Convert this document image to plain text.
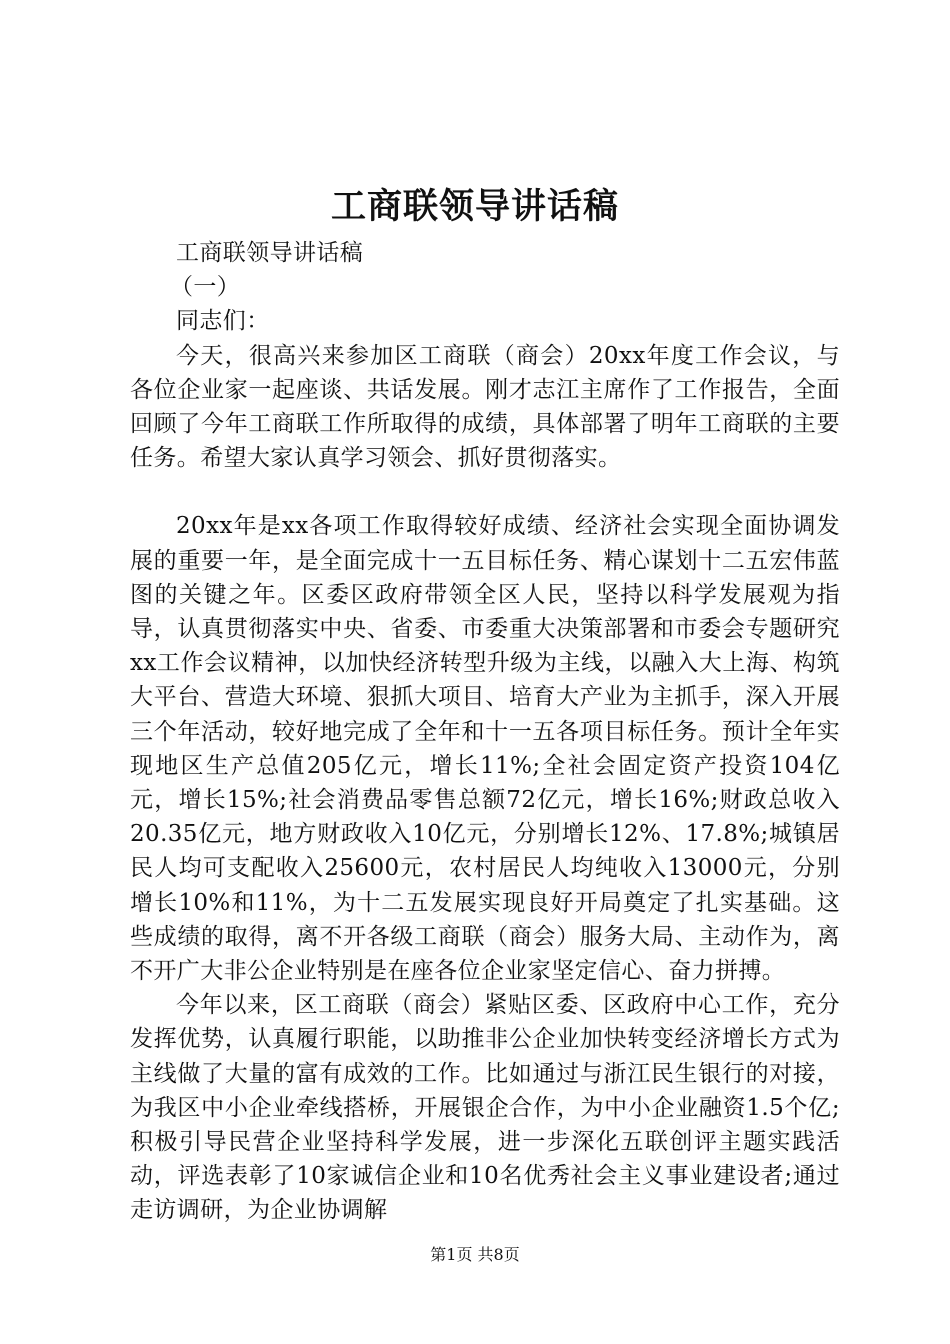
工商联领导讲话稿

工商联领导讲话稿

（一）

同志们：

今天，很高兴来参加区工商联（商会）20xx年度工作会议，与各位企业家一起座谈、共话发展。刚才志江主席作了工作报告，全面回顾了今年工商联工作所取得的成绩，具体部署了明年工商联的主要任务。希望大家认真学习领会、抓好贯彻落实。

20xx年是xx各项工作取得较好成绩、经济社会实现全面协调发展的重要一年，是全面完成十一五目标任务、精心谋划十二五宏伟蓝图的关键之年。区委区政府带领全区人民，坚持以科学发展观为指导，认真贯彻落实中央、省委、市委重大决策部署和市委会专题研究xx工作会议精神，以加快经济转型升级为主线，以融入大上海、构筑大平台、营造大环境、狠抓大项目、培育大产业为主抓手，深入开展三个年活动，较好地完成了全年和十一五各项目标任务。预计全年实现地区生产总值205亿元，增长11%;全社会固定资产投资104亿元，增长15%;社会消费品零售总额72亿元，增长16%;财政总收入20.35亿元，地方财政收入10亿元，分别增长12%、17.8%;城镇居民人均可支配收入25600元，农村居民人均纯收入13000元，分别增长10%和11%，为十二五发展实现良好开局奠定了扎实基础。这些成绩的取得，离不开各级工商联（商会）服务大局、主动作为，离不开广大非公企业特别是在座各位企业家坚定信心、奋力拼搏。

今年以来，区工商联（商会）紧贴区委、区政府中心工作，充分发挥优势，认真履行职能，以助推非公企业加快转变经济增长方式为主线做了大量的富有成效的工作。比如通过与浙江民生银行的对接，为我区中小企业牵线搭桥，开展银企合作，为中小企业融资1.5个亿;积极引导民营企业坚持科学发展，进一步深化五联创评主题实践活动，评选表彰了10家诚信企业和10名优秀社会主义事业建设者;通过走访调研，为企业协调解

第1页 共8页
